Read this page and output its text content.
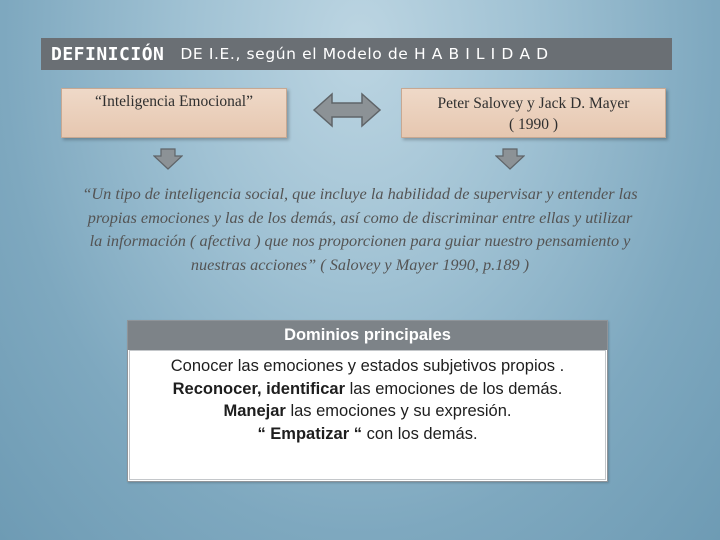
DEFINICIÓN DE I.E., según el Modelo de H A B I L I D A D
“Inteligencia Emocional”	Peter Salovey y Jack D. Mayer
( 1990 )
“Un tipo de inteligencia social, que incluye la habilidad de supervisar y entender las
propias emociones y las de los demás, así como de discriminar entre ellas y utilizar
la información ( afectiva ) que nos proporcionen para guiar nuestro pensamiento y
nuestras acciones” ( Salovey y Mayer 1990, p.189 )
Dominios principales
Conocer las emociones y estados subjetivos propios .
Reconocer, identificar las emociones de los demás.
Manejar las emociones y su expresión.
“ Empatizar “ con los demás.
